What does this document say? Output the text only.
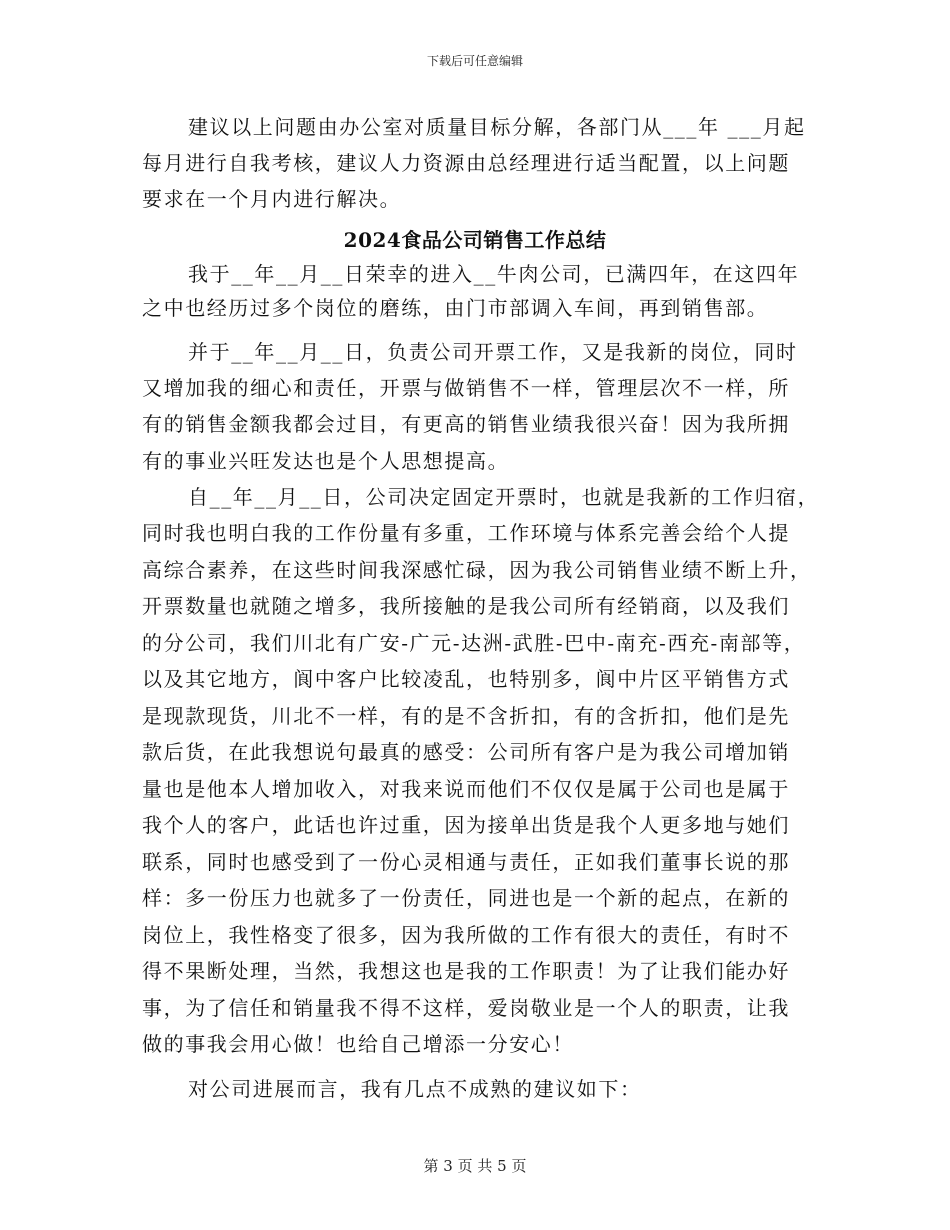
下载后可任意编辑
建议以上问题由办公室对质量目标分解，各部门从___年 ___月起
每月进行自我考核，建议人力资源由总经理进行适当配置，以上问题
要求在一个月内进行解决。
2024食品公司销售工作总结
我于__年__月__日荣幸的进入__牛肉公司，已满四年，在这四年
之中也经历过多个岗位的磨练，由门市部调入车间，再到销售部。
并于__年__月__日，负责公司开票工作，又是我新的岗位，同时
又增加我的细心和责任，开票与做销售不一样，管理层次不一样，所
有的销售金额我都会过目，有更高的销售业绩我很兴奋！因为我所拥
有的事业兴旺发达也是个人思想提高。
自__年__月__日，公司决定固定开票时，也就是我新的工作归宿，
同时我也明白我的工作份量有多重，工作环境与体系完善会给个人提
高综合素养，在这些时间我深感忙碌，因为我公司销售业绩不断上升，
开票数量也就随之增多，我所接触的是我公司所有经销商，以及我们
的分公司，我们川北有广安-广元-达洲-武胜-巴中-南充-西充-南部等，
以及其它地方，阆中客户比较凌乱，也特别多，阆中片区平销售方式
是现款现货，川北不一样，有的是不含折扣，有的含折扣，他们是先
款后货，在此我想说句最真的感受：公司所有客户是为我公司增加销
量也是他本人增加收入，对我来说而他们不仅仅是属于公司也是属于
我个人的客户，此话也许过重，因为接单出货是我个人更多地与她们
联系，同时也感受到了一份心灵相通与责任，正如我们董事长说的那
样：多一份压力也就多了一份责任，同进也是一个新的起点，在新的
岗位上，我性格变了很多，因为我所做的工作有很大的责任，有时不
得不果断处理，当然，我想这也是我的工作职责！为了让我们能办好
事，为了信任和销量我不得不这样，爱岗敬业是一个人的职责，让我
做的事我会用心做！也给自己增添一分安心！
对公司进展而言，我有几点不成熟的建议如下：
第 3 页 共 5 页
